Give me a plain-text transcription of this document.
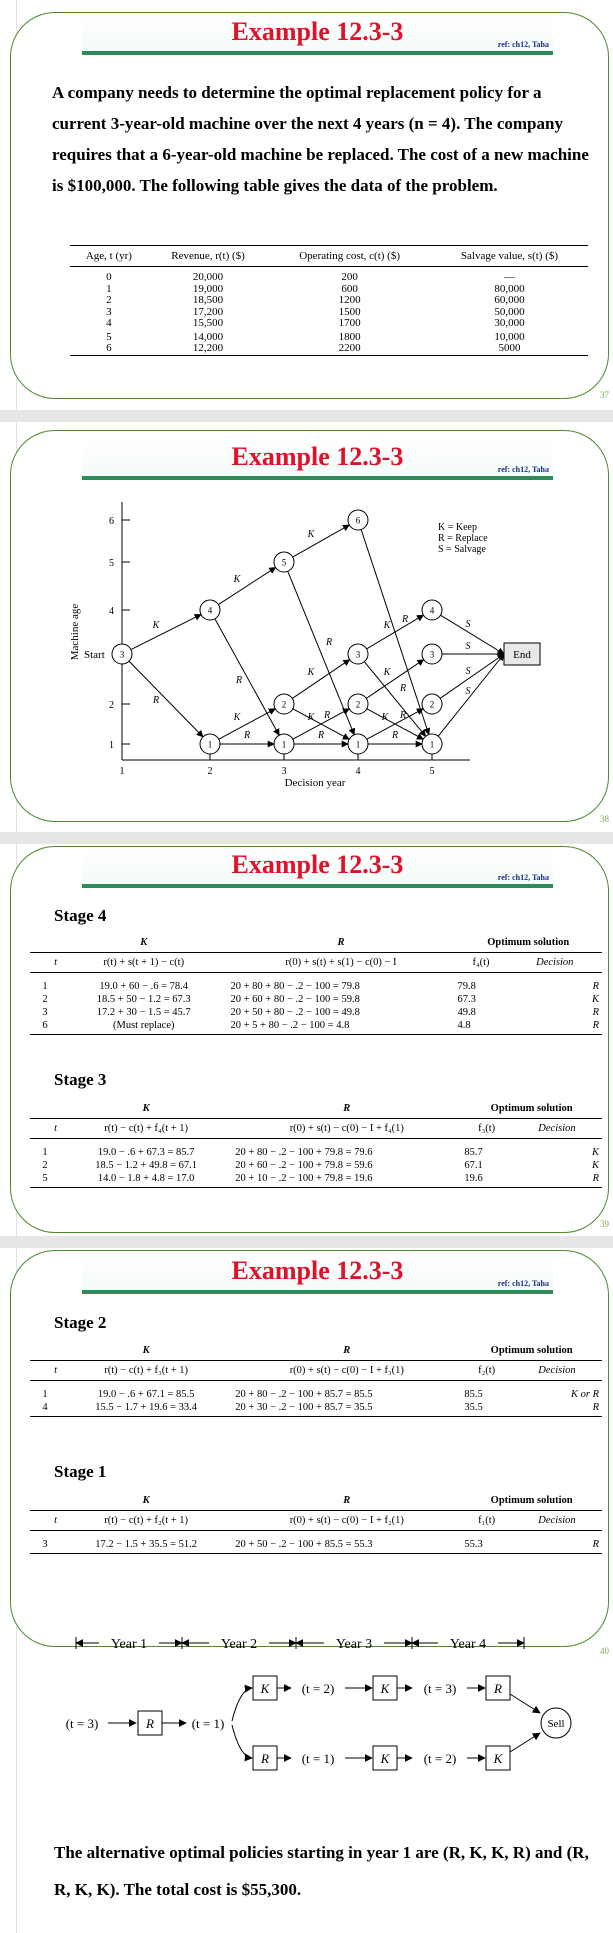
Example 12.3-3	ref: ch12, Taha
A company needs to determine the optimal replacement policy for a current 3-year-old machine over the next 4 years (n = 4). The company requires that a 6-year-old machine be replaced. The cost of a new machine is $100,000. The following table gives the data of the problem.
Age, t (yr)	Revenue, r(t) ($)	Operating cost, c(t) ($)	Salvage value, s(t) ($)
0	20,000	200	—
1	19,000	600	80,000
2	18,500	1200	60,000
3	17,200	1500	50,000
4	15,500	1700	30,000
5	14,000	1800	10,000
6	12,200	2200	5000
37
Example 12.3-3	ref: ch12, Taha
6
5
4
2
1
1	2	3	4	5
Machine age
Decision year
Start 3
4
1
5
2
1
6
3
2
1
4
3
2
1
End
K
R
K
R
K
R
K
R
K
R
K
R
R
K
R
K
R
K
R
S
S
S
S
K = Keep
R = Replace
S = Salvage
38
Example 12.3-3	ref: ch12, Taha
Stage 4
	K	R	Optimum solution	
t	r(t) + s(t + 1) − c(t)	r(0) + s(t) + s(1) − c(0) − I	f₄(t)	Decision
1	19.0 + 60 − .6 = 78.4	20 + 80 + 80 − .2 − 100 = 79.8	79.8	R
2	18.5 + 50 − 1.2 = 67.3	20 + 60 + 80 − .2 − 100 = 59.8	67.3	K
3	17.2 + 30 − 1.5 = 45.7	20 + 50 + 80 − .2 − 100 = 49.8	49.8	R
6	(Must replace)	20 + 5 + 80 − .2 − 100 = 4.8	4.8	R
Stage 3
	K	R	Optimum solution	
t	r(t) − c(t) + f₄(t + 1)	r(0) + s(t) − c(0) − I + f₄(1)	f₃(t)	Decision
1	19.0 − .6 + 67.3 = 85.7	20 + 80 − .2 − 100 + 79.8 = 79.6	85.7	K
2	18.5 − 1.2 + 49.8 = 67.1	20 + 60 − .2 − 100 + 79.8 = 59.6	67.1	K
5	14.0 − 1.8 + 4.8 = 17.0	20 + 10 − .2 − 100 + 79.8 = 19.6	19.6	R
39
Example 12.3-3	ref: ch12, Taha
Stage 2
	K	R	Optimum solution	
t	r(t) − c(t) + f₃(t + 1)	r(0) + s(t) − c(0) − I + f₃(1)	f₂(t)	Decision
1	19.0 − .6 + 67.1 = 85.5	20 + 80 − .2 − 100 + 85.7 = 85.5	85.5	K or R
4	15.5 − 1.7 + 19.6 = 33.4	20 + 30 − .2 − 100 + 85.7 = 35.5	35.5	R
Stage 1
	K	R	Optimum solution	
t	r(t) − c(t) + f₂(t + 1)	r(0) + s(t) − c(0) − I + f₂(1)	f₁(t)	Decision
3	17.2 − 1.5 + 35.5 = 51.2	20 + 50 − .2 − 100 + 85.5 = 55.3	55.3	R
40
Year 1	Year 2	Year 3	Year 4
(t = 3)	R	(t = 1)
K (t = 2)	K	(t = 3)	R
R	(t = 1)	K	(t = 2)	K
Sell
The alternative optimal policies starting in year 1 are (R, K, K, R) and (R, R, K, K). The total cost is $55,300.
